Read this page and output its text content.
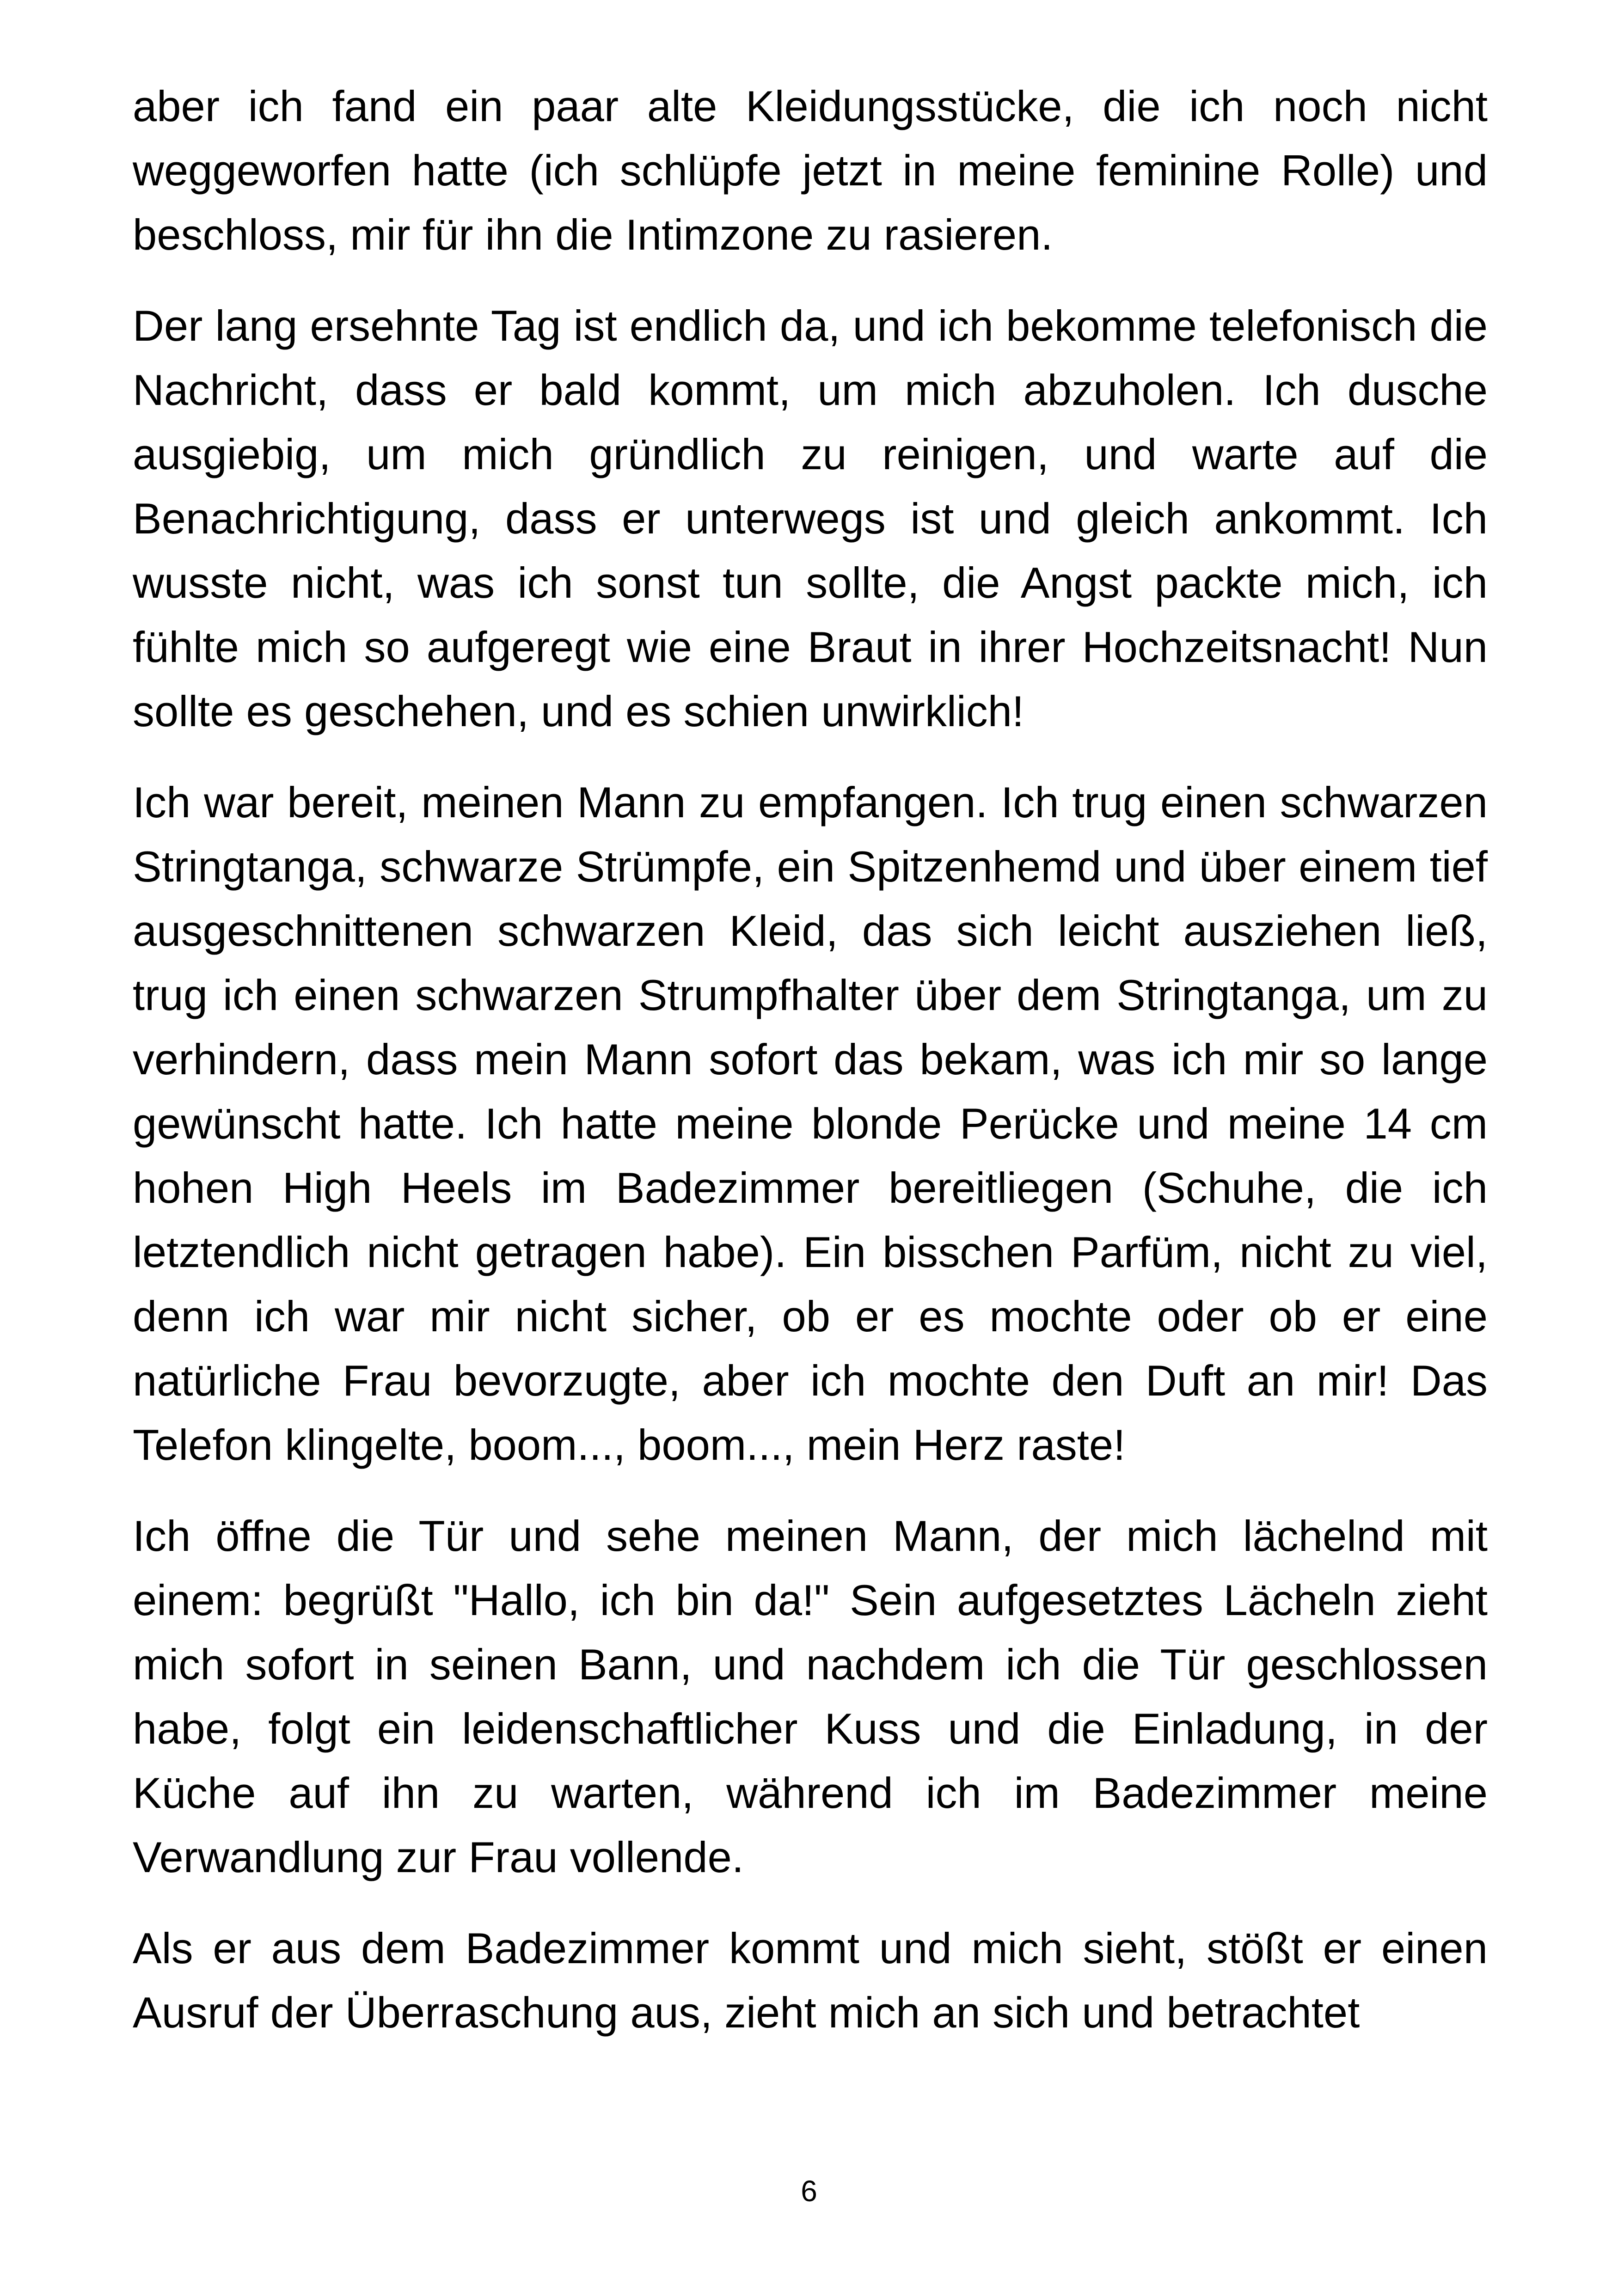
aber ich fand ein paar alte Kleidungsstücke, die ich noch nicht weggeworfen hatte (ich schlüpfe jetzt in meine feminine Rolle) und beschloss, mir für ihn die Intimzone zu rasieren.

Der lang ersehnte Tag ist endlich da, und ich bekomme telefonisch die Nachricht, dass er bald kommt, um mich abzuholen. Ich dusche ausgiebig, um mich gründlich zu reinigen, und warte auf die Benachrichtigung, dass er unterwegs ist und gleich ankommt. Ich wusste nicht, was ich sonst tun sollte, die Angst packte mich, ich fühlte mich so aufgeregt wie eine Braut in ihrer Hochzeitsnacht! Nun sollte es geschehen, und es schien unwirklich!

Ich war bereit, meinen Mann zu empfangen. Ich trug einen schwarzen Stringtanga, schwarze Strümpfe, ein Spitzenhemd und über einem tief ausgeschnittenen schwarzen Kleid, das sich leicht ausziehen ließ, trug ich einen schwarzen Strumpfhalter über dem Stringtanga, um zu verhindern, dass mein Mann sofort das bekam, was ich mir so lange gewünscht hatte. Ich hatte meine blonde Perücke und meine 14 cm hohen High Heels im Badezimmer bereitliegen (Schuhe, die ich letztendlich nicht getragen habe). Ein bisschen Parfüm, nicht zu viel, denn ich war mir nicht sicher, ob er es mochte oder ob er eine natürliche Frau bevorzugte, aber ich mochte den Duft an mir! Das Telefon klingelte, boom..., boom..., mein Herz raste!

Ich öffne die Tür und sehe meinen Mann, der mich lächelnd mit einem: begrüßt "Hallo, ich bin da!" Sein aufgesetztes Lächeln zieht mich sofort in seinen Bann, und nachdem ich die Tür geschlossen habe, folgt ein leidenschaftlicher Kuss und die Einladung, in der Küche auf ihn zu warten, während ich im Badezimmer meine Verwandlung zur Frau vollende.

Als er aus dem Badezimmer kommt und mich sieht, stößt er einen Ausruf der Überraschung aus, zieht mich an sich und betrachtet

6
